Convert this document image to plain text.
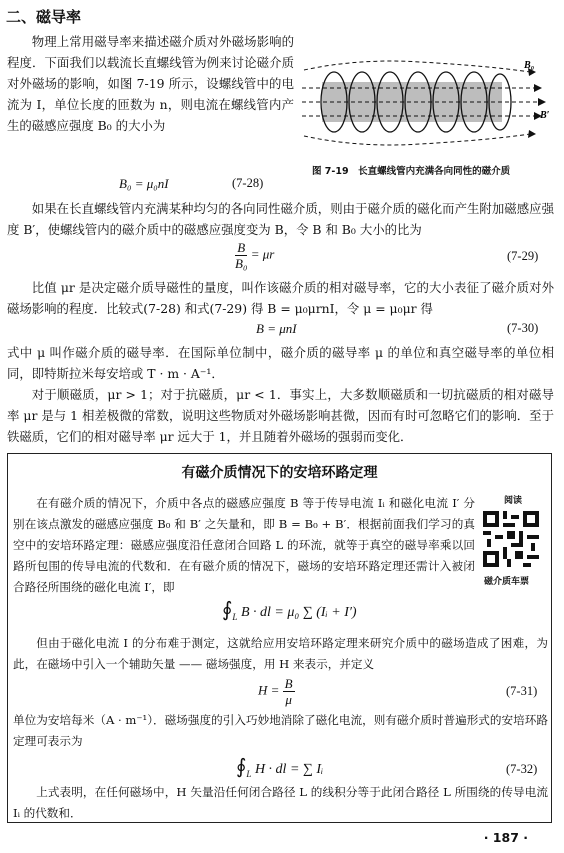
二、磁导率

物理上常用磁导率来描述磁介质对外磁场影响的程度．下面我们以载流长直螺线管为例来讨论磁介质对外磁场的影响，如图 7-19 所示，设螺线管中的电流为 I，单位长度的匝数为 n，则电流在螺线管内产生的磁感应强度 B₀ 的大小为

B₀ = μ₀nI	(7-28)
B₀
B′
图 7-19　长直螺线管内充满各向同性的磁介质

如果在长直螺线管内充满某种均匀的各向同性磁介质，则由于磁介质的磁化而产生附加磁感应强度 B′，使螺线管内的磁介质中的磁感应强度变为 B，令 B 和 B₀ 大小的比为

$\frac{B}{\text{B₀}} = \mu r$	(7-29)

比值 μr 是决定磁介质导磁性的量度，叫作该磁介质的相对磁导率，它的大小表征了磁介质对外磁场影响的程度．比较式(7-28) 和式(7-29) 得 B = μ₀μrnI，令 μ = μ₀μr 得

B = μnI	(7-30)

式中 μ 叫作磁介质的磁导率．在国际单位制中，磁介质的磁导率 μ 的单位和真空磁导率的单位相同，即特斯拉米每安培或 T · m · A⁻¹．

对于顺磁质，μr > 1；对于抗磁质，μr < 1．事实上，大多数顺磁质和一切抗磁质的相对磁导率 μr 是与 1 相差极微的常数，说明这些物质对外磁场影响甚微，因而有时可忽略它们的影响．至于铁磁质，它们的相对磁导率 μr 远大于 1，并且随着外磁场的强弱而变化．

有磁介质情况下的安培环路定理

在有磁介质的情况下，介质中各点的磁感应强度 B 等于传导电流 Iᵢ 和磁化电流 I′ 分别在该点激发的磁感应强度 B₀ 和 B′ 之矢量和，即 B = B₀ + B′．根据前面我们学习的真空中的安培环路定理：磁感应强度沿任意闭合回路 L 的环流，就等于真空的磁导率乘以回路所包围的传导电流的代数和．在有磁介质的情况下，磁场的安培环路定理还需计入被闭合路径所围绕的磁化电流 I′，即

阅读
磁介质车票
$∮_L$ B · dl = μ₀ ∑ (Iᵢ + I′)

但由于磁化电流 I 的分布难于测定，这就给应用安培环路定理来研究介质中的磁场造成了困难，为此，在磁场中引入一个辅助矢量 —— 磁场强度，用 H 来表示，并定义

$H = \frac{B}{\mu}$	(7-31)

单位为安培每米（A · m⁻¹）．磁场强度的引入巧妙地消除了磁化电流，则有磁介质时普遍形式的安培环路定理可表示为

$∮_L$ H · dl = ∑ Iᵢ	(7-32)

上式表明，在任何磁场中，H 矢量沿任何闭合路径 L 的线积分等于此闭合路径 L 所围绕的传导电流 Iᵢ 的代数和．

· 187 ·
